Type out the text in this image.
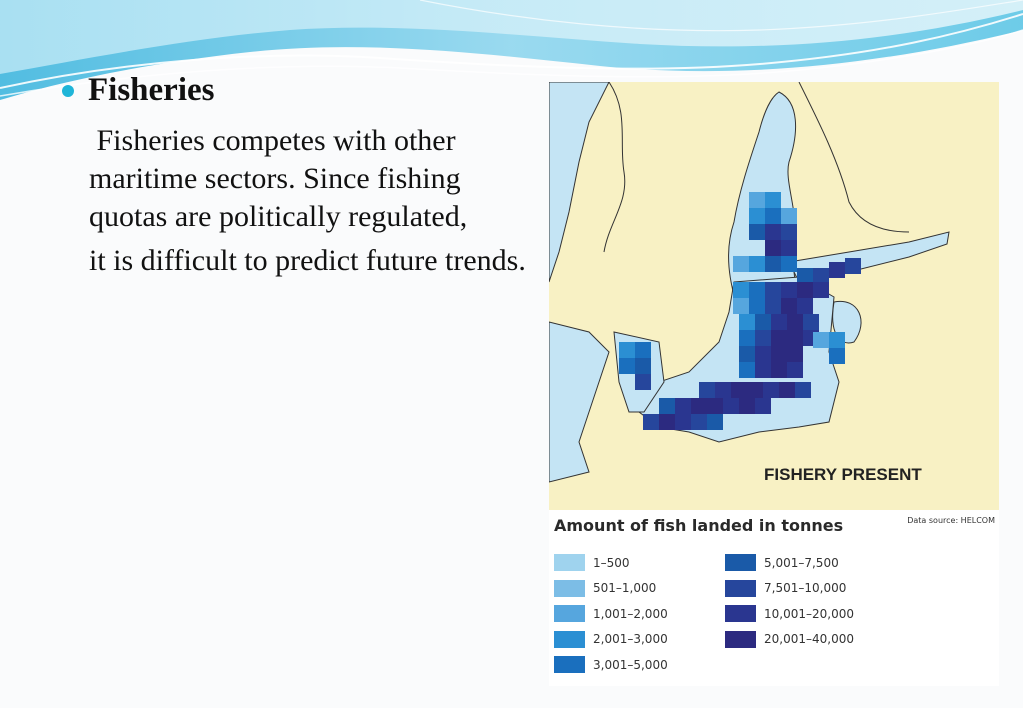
Fisheries
Fisheries competes with other maritime sectors. Since fishing quotas are politically regulated,
it is difficult to predict future trends.
FISHERY PRESENT
Amount of fish landed in tonnes	Data source: HELCOM
1–500
501–1,000
1,001–2,000
2,001–3,000
3,001–5,000
5,001–7,500
7,501–10,000
10,001–20,000
20,001–40,000
